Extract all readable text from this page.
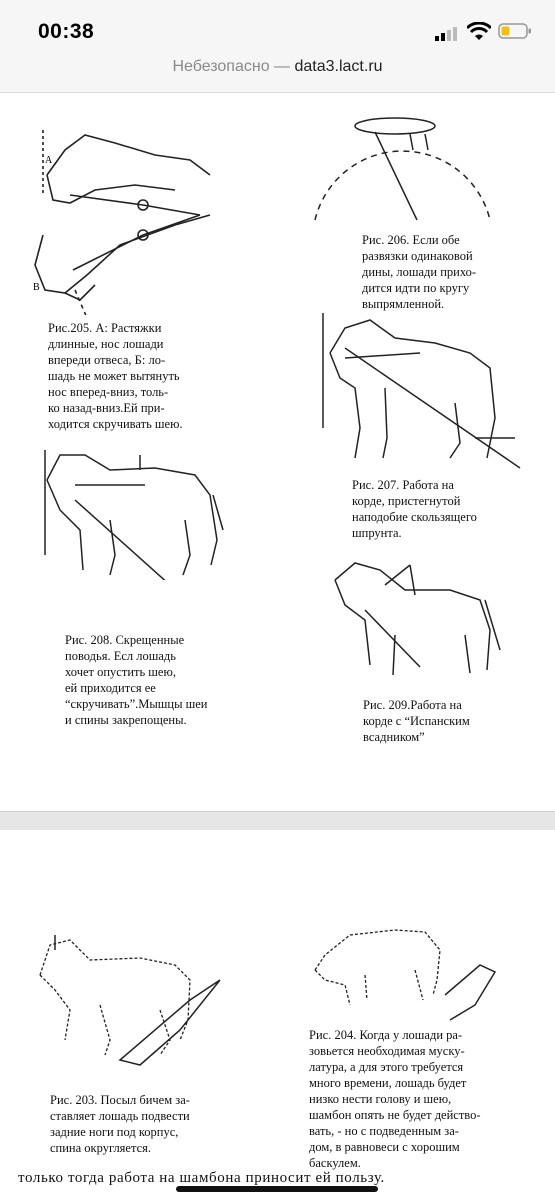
00:38
Небезопасно — data3.lact.ru
A
B
Рис.205. А: Растяжки
длинные, нос лошади
впереди отвеса, Б: ло-
шадь не может вытянуть
нос вперед-вниз, толь-
ко назад-вниз.Ей при-
ходится скручивать шею.
Рис. 206. Если обе
развязки одинаковой
дины, лошади прихо-
дится идти по кругу
выпрямленной.
Рис. 207. Работа на
корде, пристегнутой
наподобие скользящего
шпрунта.
Рис. 208. Скрещенные
поводья. Есл лошадь
хочет опустить шею,
ей приходится ее
“скручивать”.Мышцы шеи
и спины закрепощены.
Рис. 209.Работа на
корде с “Испанским
всадником”
Рис. 203. Посыл бичем за-
ставляет лошадь подвести
задние ноги под корпус,
спина округляется.
Рис. 204. Когда у лошади ра-
зовьется необходимая муску-
латура, а для этого требуется
много времени, лошадь будет
низко нести голову и шею,
шамбон опять не будет действо-
вать, - но с подведенным за-
дом, в равновеси с хорошим
баскулем.
только тогда работа на шамбона приносит ей пользу.
